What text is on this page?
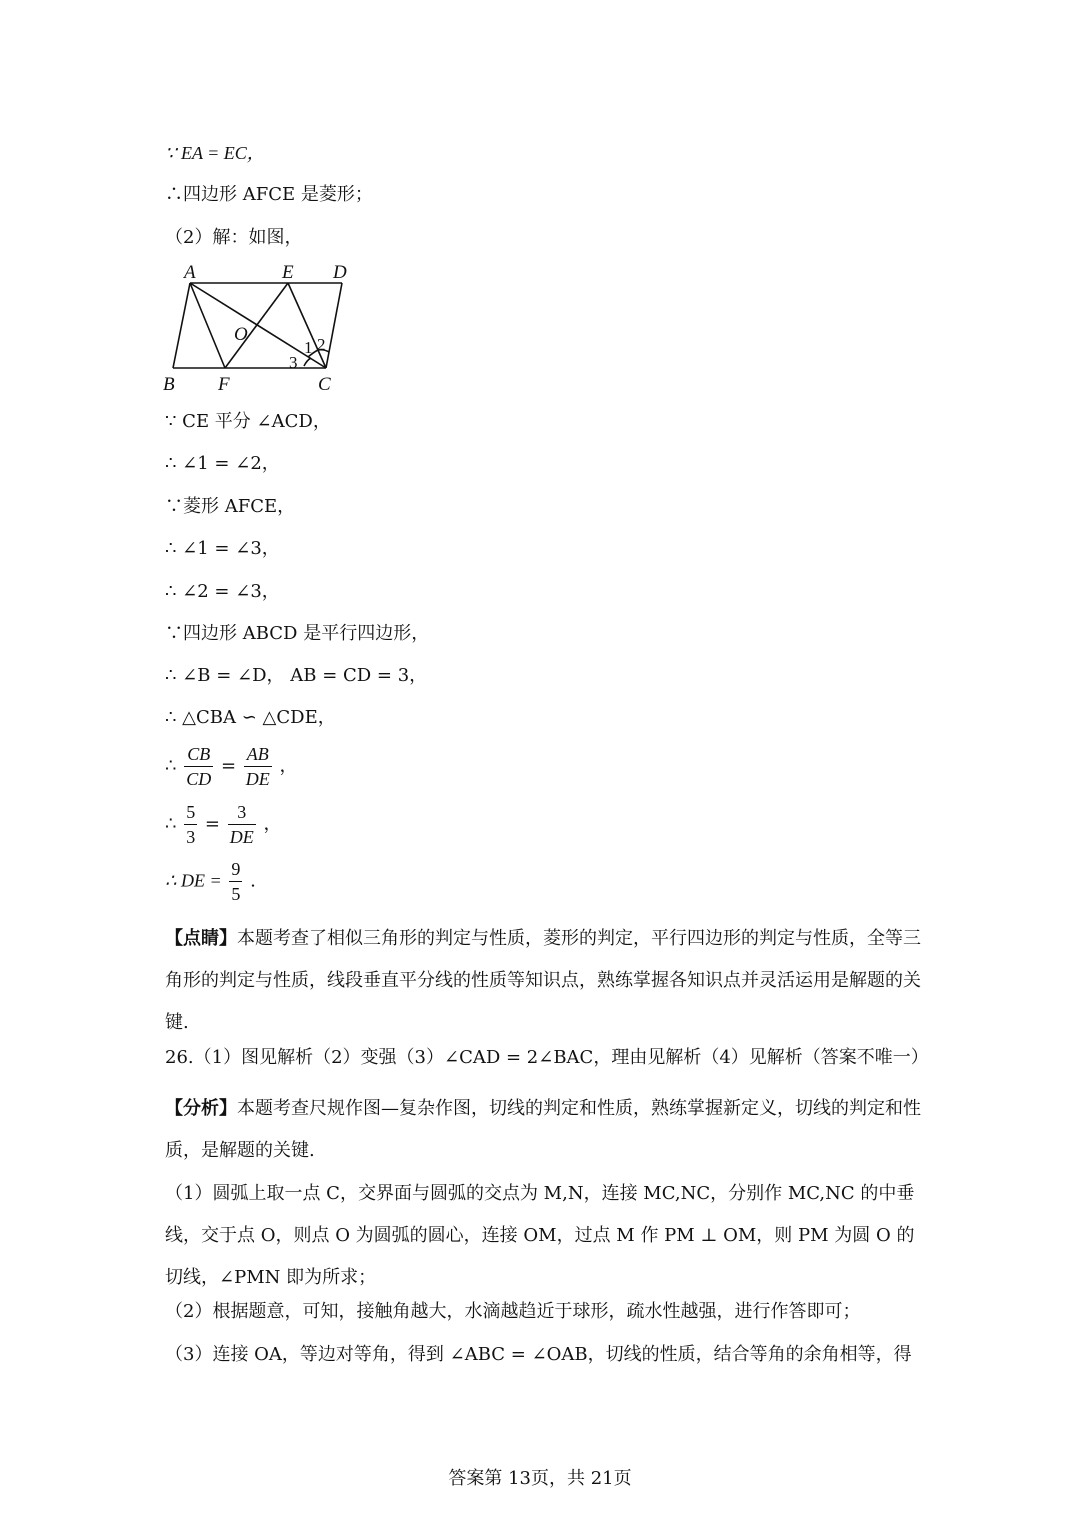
∵ EA = EC，
∴四边形 AFCE 是菱形；
（2）解：如图，
A	E D
O
B F	C
1 2
3
∵ CE 平分 ∠ACD，
∴ ∠1 = ∠2，
∵菱形 AFCE，
∴ ∠1 = ∠3，
∴ ∠2 = ∠3，
∵四边形 ABCD 是平行四边形，
∴ ∠B = ∠D， AB = CD = 3，
∴ △CBA ∽ △CDE，
∴ $\frac{CB}{CD} = \frac{AB}{DE}$ ，
∴ $\frac{5}{3} = \frac{3}{DE}$ ，
∴ DE = $\frac{9}{5}$ .
【点睛】本题考查了相似三角形的判定与性质，菱形的判定，平行四边形的判定与性质，全等三角形的判定与性质，线段垂直平分线的性质等知识点，熟练掌握各知识点并灵活运用是解题的关键.
26.（1）图见解析（2）变强（3）∠CAD = 2∠BAC，理由见解析（4）见解析（答案不唯一）
【分析】本题考查尺规作图—复杂作图，切线的判定和性质，熟练掌握新定义，切线的判定和性质，是解题的关键.
（1）圆弧上取一点 C，交界面与圆弧的交点为 M,N，连接 MC,NC，分别作 MC,NC 的中垂线，交于点 O，则点 O 为圆弧的圆心，连接 OM，过点 M 作 PM ⊥ OM，则 PM 为圆 O 的切线，∠PMN 即为所求；
（2）根据题意，可知，接触角越大，水滴越趋近于球形，疏水性越强，进行作答即可；
（3）连接 OA，等边对等角，得到 ∠ABC = ∠OAB，切线的性质，结合等角的余角相等，得
答案第 13页，共 21页
